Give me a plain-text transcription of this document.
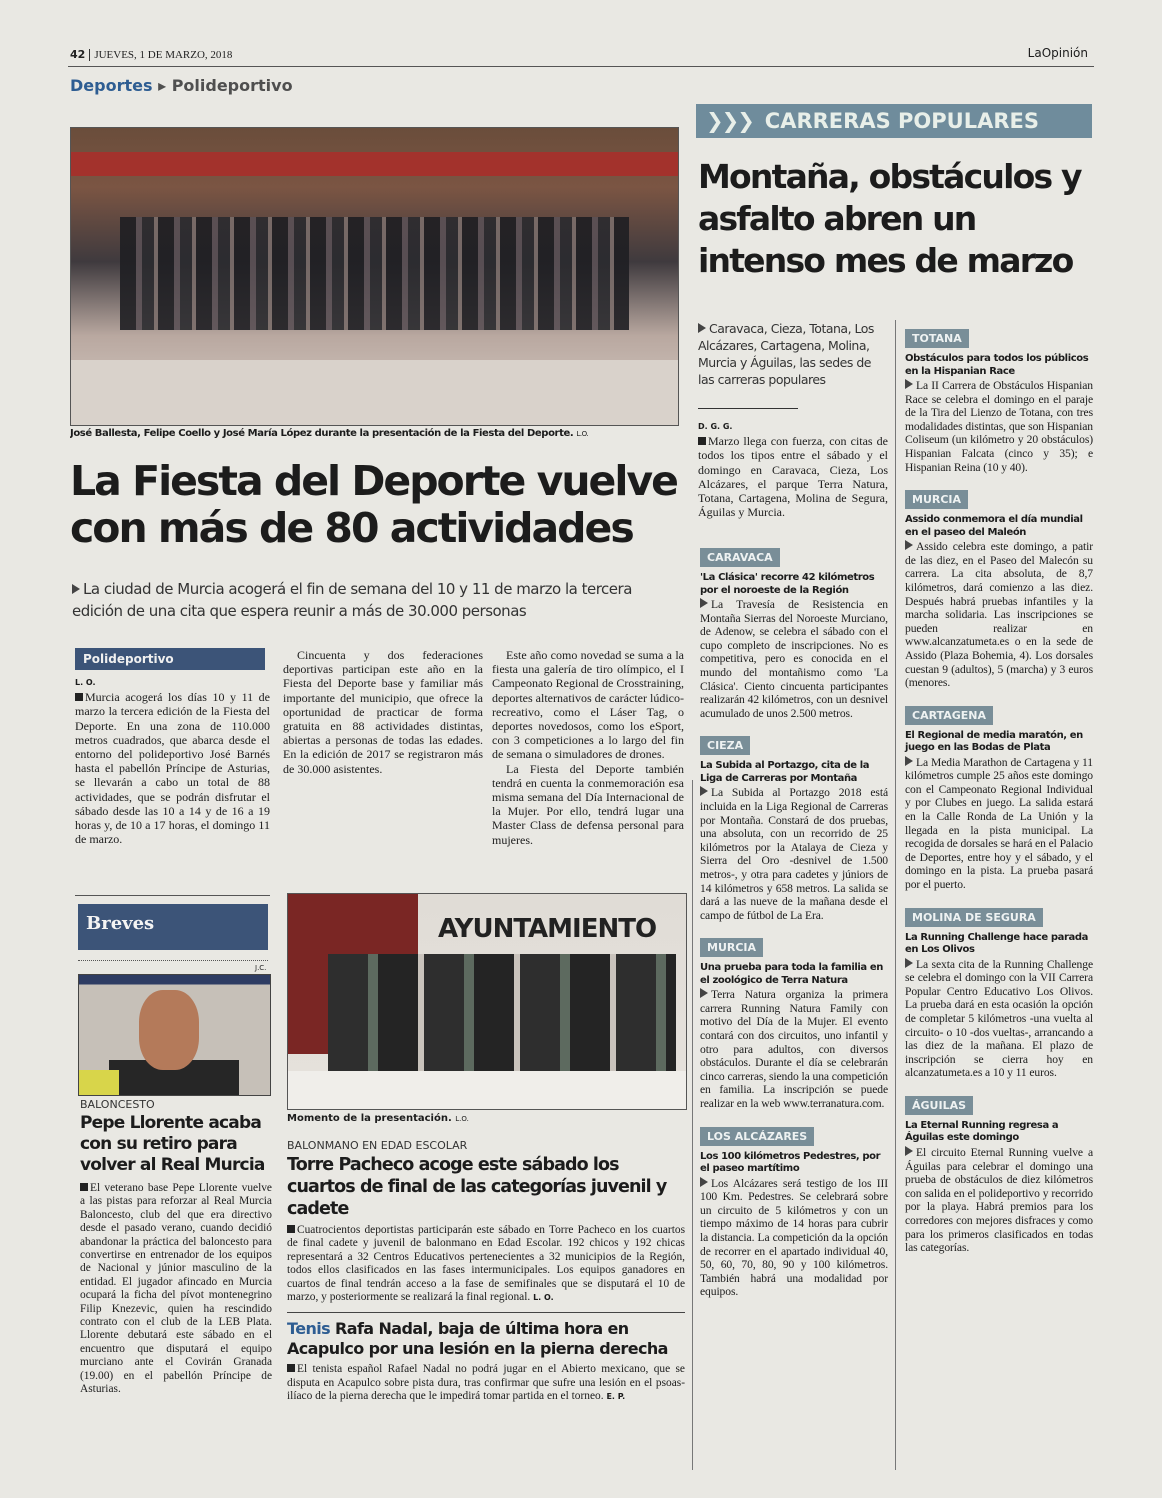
42 JUEVES, 1 DE MARZO, 2018	LaOpinión
Deportes ▸ Polideportivo
José Ballesta, Felipe Coello y José María López durante la presentación de la Fiesta del Deporte. L.O.
La Fiesta del Deporte vuelve con más de 80 actividades
La ciudad de Murcia acogerá el fin de semana del 10 y 11 de marzo la tercera edición de una cita que espera reunir a más de 30.000 personas
Polideportivo
L. O.

Murcia acogerá los días 10 y 11 de marzo la tercera edición de la Fiesta del Deporte. En una zona de 110.000 metros cuadrados, que abarca desde el entorno del polideportivo José Barnés hasta el pabellón Príncipe de Asturias, se llevarán a cabo un total de 88 actividades, que se podrán disfrutar el sábado desde las 10 a 14 y de 16 a 19 horas y, de 10 a 17 horas, el domingo 11 de marzo.

Cincuenta y dos federaciones deportivas participan este año en la Fiesta del Deporte base y familiar más importante del municipio, que ofrece la oportunidad de practicar de forma gratuita en 88 actividades distintas, abiertas a personas de todas las edades. En la edición de 2017 se registraron más de 30.000 asistentes.

Este año como novedad se suma a la fiesta una galería de tiro olímpico, el I Campeonato Regional de Crosstraining, deportes alternativos de carácter lúdico-recreativo, como el Láser Tag, o deportes novedosos, como los eSport, con 3 competiciones a lo largo del fin de semana o simuladores de drones.

La Fiesta del Deporte también tendrá en cuenta la conmemoración esa misma semana del Día Internacional de la Mujer. Por ello, tendrá lugar una Master Class de defensa personal para mujeres.

❯❯❯ CARRERAS POPULARES
Montaña, obstáculos y asfalto abren un intenso mes de marzo
Caravaca, Cieza, Totana, Los Alcázares, Cartagena, Molina, Murcia y Águilas, las sedes de las carreras populares
D. G. G.
Marzo llega con fuerza, con citas de todos los tipos entre el sábado y el domingo en Caravaca, Cieza, Los Alcázares, el parque Terra Natura, Totana, Cartagena, Molina de Segura, Águilas y Murcia.
CARAVACA
'La Clásica' recorre 42 kilómetros por el noroeste de la Región
La Travesía de Resistencia en Montaña Sierras del Noroeste Murciano, de Adenow, se celebra el sábado con el cupo completo de inscripciones. No es competitiva, pero es conocida en el mundo del montañismo como 'La Clásica'. Ciento cincuenta participantes realizarán 42 kilómetros, con un desnivel acumulado de unos 2.500 metros.
CIEZA
La Subida al Portazgo, cita de la Liga de Carreras por Montaña
La Subida al Portazgo 2018 está incluida en la Liga Regional de Carreras por Montaña. Constará de dos pruebas, una absoluta, con un recorrido de 25 kilómetros por la Atalaya de Cieza y Sierra del Oro -desnivel de 1.500 metros-, y otra para cadetes y júniors de 14 kilómetros y 658 metros. La salida se dará a las nueve de la mañana desde el campo de fútbol de La Era.
MURCIA
Una prueba para toda la familia en el zoológico de Terra Natura
Terra Natura organiza la primera carrera Running Natura Family con motivo del Día de la Mujer. El evento contará con dos circuitos, uno infantil y otro para adultos, con diversos obstáculos. Durante el día se celebrarán cinco carreras, siendo la una competición en familia. La inscripción se puede realizar en la web www.terranatura.com.
LOS ALCÁZARES
Los 100 kilómetros Pedestres, por el paseo martítimo
Los Alcázares será testigo de los III 100 Km. Pedestres. Se celebrará sobre un circuito de 5 kilómetros y con un tiempo máximo de 14 horas para cubrir la distancia. La competición da la opción de recorrer en el apartado individual 40, 50, 60, 70, 80, 90 y 100 kilómetros. También habrá una modalidad por equipos.
TOTANA
Obstáculos para todos los públicos en la Hispanian Race
La II Carrera de Obstáculos Hispanian Race se celebra el domingo en el paraje de la Tira del Lienzo de Totana, con tres modalidades distintas, que son Hispanian Coliseum (un kilómetro y 20 obstáculos) Hispanian Falcata (cinco y 35); e Hispanian Reina (10 y 40).
MURCIA
Assido conmemora el día mundial en el paseo del Maleón
Assido celebra este domingo, a patir de las diez, en el Paseo del Malecón su carrera. La cita absoluta, de 8,7 kilómetros, dará comienzo a las diez. Después habrá pruebas infantiles y la marcha solidaria. Las inscripciones se pueden realizar en www.alcanzatumeta.es o en la sede de Assido (Plaza Bohemia, 4). Los dorsales cuestan 9 (adultos), 5 (marcha) y 3 euros (menores.
CARTAGENA
El Regional de media maratón, en juego en las Bodas de Plata
La Media Marathon de Cartagena y 11 kilómetros cumple 25 años este domingo con el Campeonato Regional Individual y por Clubes en juego. La salida estará en la Calle Ronda de La Unión y la llegada en la pista municipal. La recogida de dorsales se hará en el Palacio de Deportes, entre hoy y el sábado, y el domingo en la pista. La prueba pasará por el puerto.
MOLINA DE SEGURA
La Running Challenge hace parada en Los Olivos
La sexta cita de la Running Challenge se celebra el domingo con la VII Carrera Popular Centro Educativo Los Olivos. La prueba dará en esta ocasión la opción de completar 5 kilómetros -una vuelta al circuito- o 10 -dos vueltas-, arrancando a las diez de la mañana. El plazo de inscripción se cierra hoy en alcanzatumeta.es a 10 y 11 euros.
ÁGUILAS
La Eternal Running regresa a Águilas este domingo
El circuito Eternal Running vuelve a Águilas para celebrar el domingo una prueba de obstáculos de diez kilómetros con salida en el polideportivo y recorrido por la playa. Habrá premios para los corredores con mejores disfraces y como para los primeros clasificados en todas las categorías.
Breves
J.C.
BALONCESTO
Pepe Llorente acaba con su retiro para volver al Real Murcia
El veterano base Pepe Llorente vuelve a las pistas para reforzar al Real Murcia Baloncesto, club del que era directivo desde el pasado verano, cuando decidió abandonar la práctica del baloncesto para convertirse en entrenador de los equipos de Nacional y júnior masculino de la entidad. El jugador afincado en Murcia ocupará la ficha del pívot montenegrino Filip Knezevic, quien ha rescindido contrato con el club de la LEB Plata. Llorente debutará este sábado en el encuentro que disputará el equipo murciano ante el Covirán Granada (19.00) en el pabellón Príncipe de Asturias.
AYUNTAMIENTO
Momento de la presentación. L.O.
BALONMANO EN EDAD ESCOLAR
Torre Pacheco acoge este sábado los cuartos de final de las categorías juvenil y cadete
Cuatrocientos deportistas participarán este sábado en Torre Pacheco en los cuartos de final cadete y juvenil de balonmano en Edad Escolar. 192 chicos y 192 chicas representará a 32 Centros Educativos pertenecientes a 32 municipios de la Región, todos ellos clasificados en las fases intermunicipales. Los equipos ganadores en cuartos de final tendrán acceso a la fase de semifinales que se disputará el 10 de marzo, y posteriormente se realizará la final regional. L. O.
Tenis Rafa Nadal, baja de última hora en Acapulco por una lesión en la pierna derecha
El tenista español Rafael Nadal no podrá jugar en el Abierto mexicano, que se disputa en Acapulco sobre pista dura, tras confirmar que sufre una lesión en el psoas-ilíaco de la pierna derecha que le impedirá tomar partida en el torneo. E. P.
